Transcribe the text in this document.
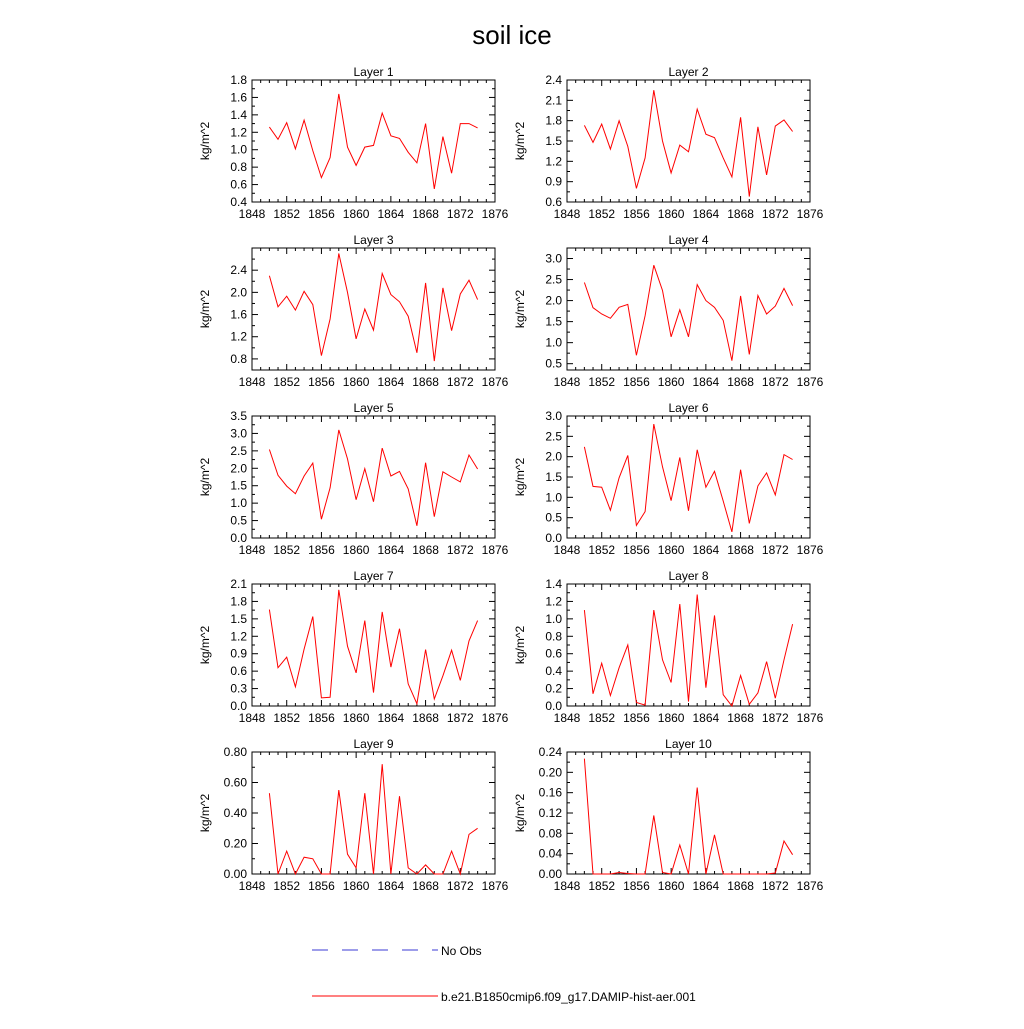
soil ice
Layer 1
1848 1852 1856 1860 1864 1868 1872 1876
0.4
0.6
0.8
1.0
1.2
1.4
1.6
1.8
kg/m^2
Layer 2
1848 1852 1856 1860 1864 1868 1872 1876
0.6
0.9
1.2
1.5
1.8
2.1
2.4
kg/m^2
Layer 3
1848 1852 1856 1860 1864 1868 1872 1876
0.8
1.2
1.6
2.0
2.4
kg/m^2
Layer 4
1848 1852 1856 1860 1864 1868 1872 1876
0.5
1.0
1.5
2.0
2.5
3.0
kg/m^2
Layer 5
1848 1852 1856 1860 1864 1868 1872 1876
0.0
0.5
1.0
1.5
2.0
2.5
3.0
3.5
kg/m^2
Layer 6
1848 1852 1856 1860 1864 1868 1872 1876
0.0
0.5
1.0
1.5
2.0
2.5
3.0
kg/m^2
Layer 7
1848 1852 1856 1860 1864 1868 1872 1876
0.0
0.3
0.6
0.9
1.2
1.5
1.8
2.1
kg/m^2
Layer 8
1848 1852 1856 1860 1864 1868 1872 1876
0.0
0.2
0.4
0.6
0.8
1.0
1.2
1.4
kg/m^2
Layer 9
1848 1852 1856 1860 1864 1868 1872 1876
0.00
0.20
0.40
0.60
0.80
kg/m^2
Layer 10
1848 1852 1856 1860 1864 1868 1872 1876
0.00
0.04
0.08
0.12
0.16
0.20
0.24
kg/m^2
No Obs
b.e21.B1850cmip6.f09_g17.DAMIP-hist-aer.001
